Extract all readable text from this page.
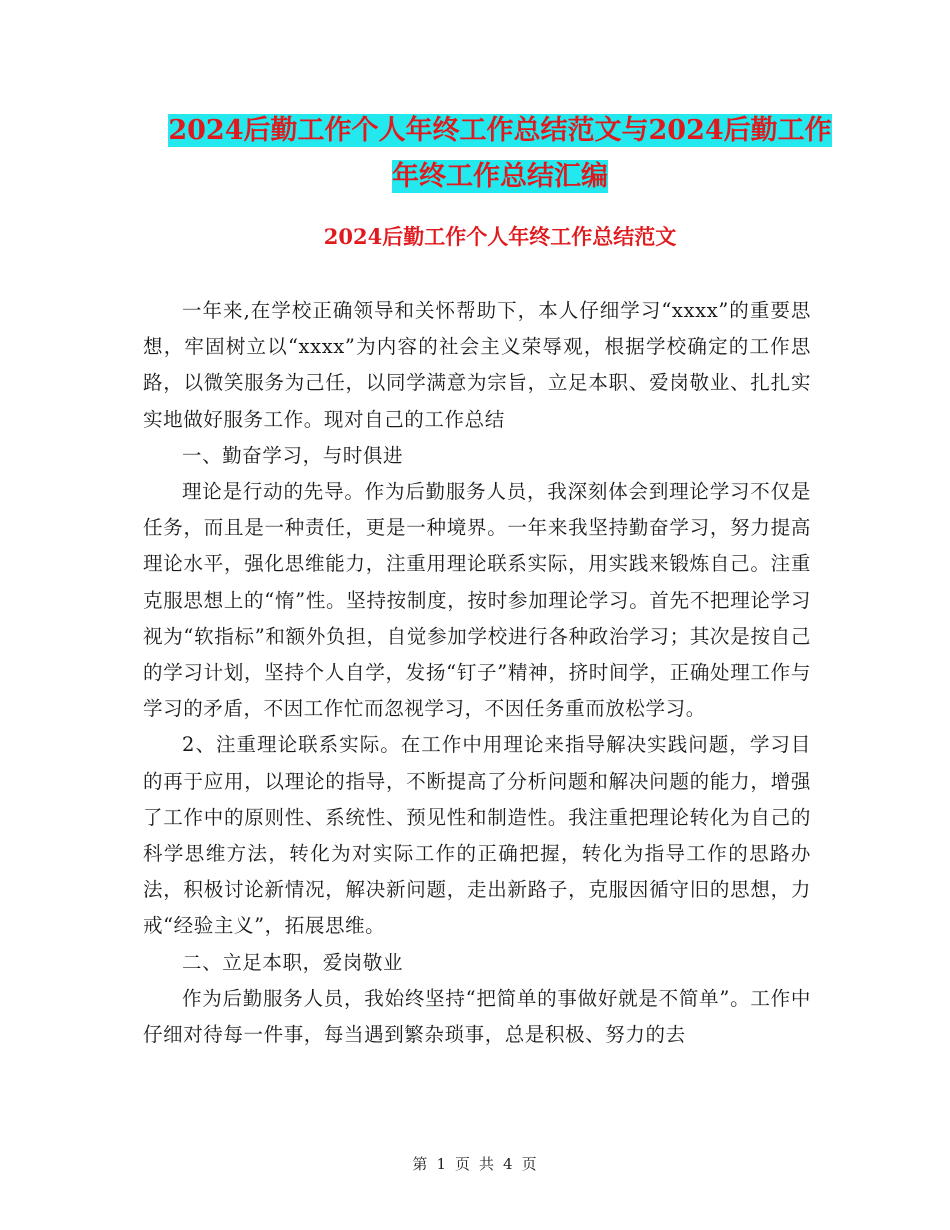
2024后勤工作个人年终工作总结范文与2024后勤工作
年终工作总结汇编
2024后勤工作个人年终工作总结范文

一年来,在学校正确领导和关怀帮助下，本人仔细学习“xxxx”的重要思想，牢固树立以“xxxx”为内容的社会主义荣辱观，根据学校确定的工作思路，以微笑服务为己任，以同学满意为宗旨，立足本职、爱岗敬业、扎扎实实地做好服务工作。现对自己的工作总结

一、勤奋学习，与时俱进

理论是行动的先导。作为后勤服务人员，我深刻体会到理论学习不仅是任务，而且是一种责任，更是一种境界。一年来我坚持勤奋学习，努力提高理论水平，强化思维能力，注重用理论联系实际，用实践来锻炼自己。注重克服思想上的“惰”性。坚持按制度，按时参加理论学习。首先不把理论学习视为“软指标”和额外负担，自觉参加学校进行各种政治学习；其次是按自己的学习计划，坚持个人自学，发扬“钉子”精神，挤时间学，正确处理工作与学习的矛盾，不因工作忙而忽视学习，不因任务重而放松学习。

2、注重理论联系实际。在工作中用理论来指导解决实践问题，学习目的再于应用，以理论的指导，不断提高了分析问题和解决问题的能力，增强了工作中的原则性、系统性、预见性和制造性。我注重把理论转化为自己的科学思维方法，转化为对实际工作的正确把握，转化为指导工作的思路办法，积极讨论新情况，解决新问题，走出新路子，克服因循守旧的思想，力戒“经验主义”，拓展思维。

二、立足本职，爱岗敬业

作为后勤服务人员，我始终坚持“把简单的事做好就是不简单”。工作中仔细对待每一件事，每当遇到繁杂琐事，总是积极、努力的去

第 1 页 共 4 页
